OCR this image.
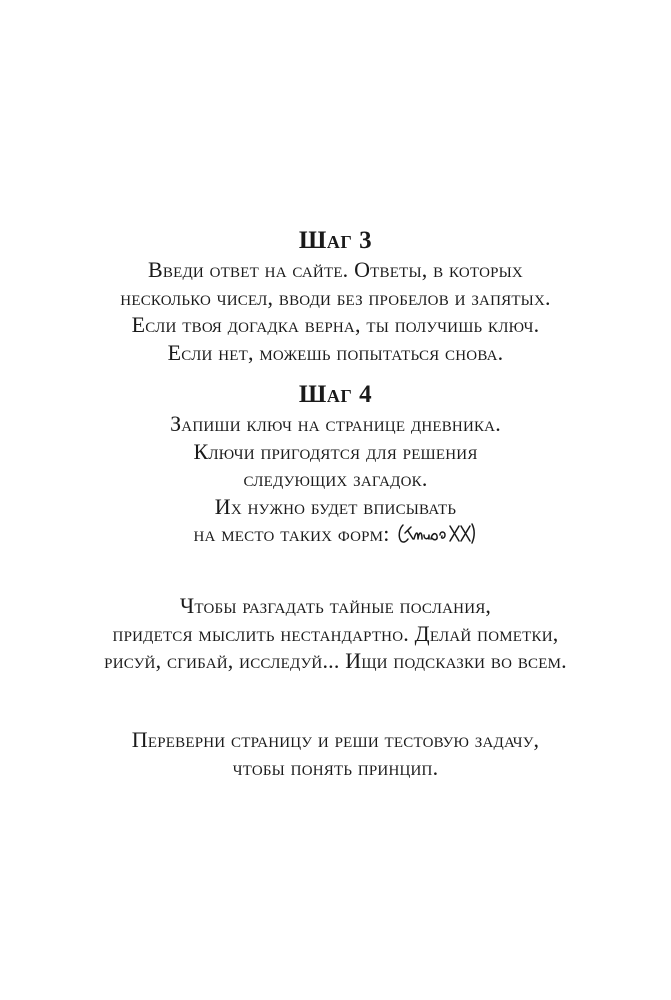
Шаг 3
Введи ответ на сайте. Ответы, в которых
несколько чисел, вводи без пробелов и запятых.
Если твоя догадка верна, ты получишь ключ.
Если нет, можешь попытаться снова.
Шаг 4
Запиши ключ на странице дневника.
Ключи пригодятся для решения
следующих загадок.
Их нужно будет вписывать
на место таких форм:
Чтобы разгадать тайные послания,
придется мыслить нестандартно. Делай пометки,
рисуй, сгибай, исследуй... Ищи подсказки во всем.
Переверни страницу и реши тестовую задачу,
чтобы понять принцип.
